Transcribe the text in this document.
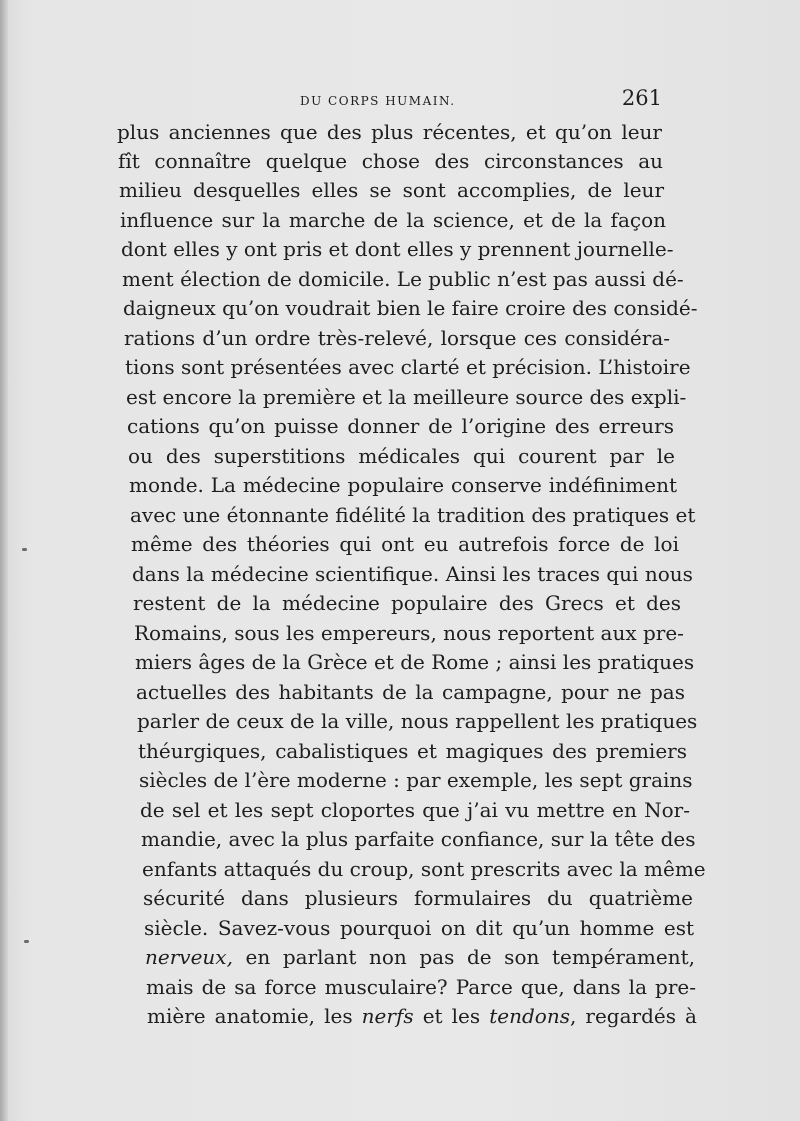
DU CORPS HUMAIN.	261
plus anciennes que des plus récentes, et qu’on leur
fît connaître quelque chose des circonstances au
milieu desquelles elles se sont accomplies, de leur
influence sur la marche de la science, et de la façon
dont elles y ont pris et dont elles y prennent journelle-
ment élection de domicile. Le public n’est pas aussi dé-
daigneux qu’on voudrait bien le faire croire des considé-
rations d’un ordre très-relevé, lorsque ces considéra-
tions sont présentées avec clarté et précision. L’histoire
est encore la première et la meilleure source des expli-
cations qu’on puisse donner de l’origine des erreurs
ou des superstitions médicales qui courent par le
monde. La médecine populaire conserve indéfiniment
avec une étonnante fidélité la tradition des pratiques et
même des théories qui ont eu autrefois force de loi
dans la médecine scientifique. Ainsi les traces qui nous
restent de la médecine populaire des Grecs et des
Romains, sous les empereurs, nous reportent aux pre-
miers âges de la Grèce et de Rome ; ainsi les pratiques
actuelles des habitants de la campagne, pour ne pas
parler de ceux de la ville, nous rappellent les pratiques
théurgiques, cabalistiques et magiques des premiers
siècles de l’ère moderne : par exemple, les sept grains
de sel et les sept cloportes que j’ai vu mettre en Nor-
mandie, avec la plus parfaite confiance, sur la tête des
enfants attaqués du croup, sont prescrits avec la même
sécurité dans plusieurs formulaires du quatrième
siècle. Savez-vous pourquoi on dit qu’un homme est
nerveux, en parlant non pas de son tempérament,
mais de sa force musculaire? Parce que, dans la pre-
mière anatomie, les nerfs et les tendons, regardés à
